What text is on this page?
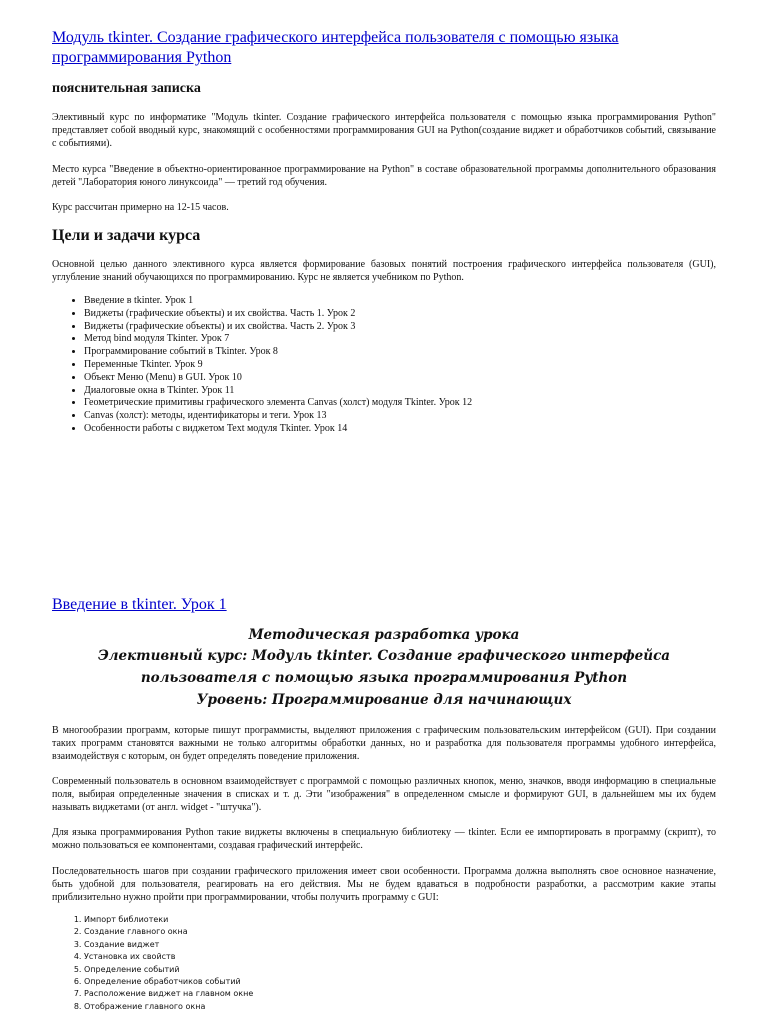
Модуль tkinter. Создание графического интерфейса пользователя с помощью языка программирования Python
пояснительная записка

Элективный курс по информатике "Модуль tkinter. Создание графического интерфейса пользователя с помощью языка программирования Python" представляет собой вводный курс, знакомящий с особенностями программирования GUI на Python(создание виджет и обработчиков событий, связывание с событиями).

Место курса "Введение в объектно-ориентированное программирование на Python" в составе образовательной программы дополнительного образования детей "Лаборатория юного линуксоида" — третий год обучения.

Курс рассчитан примерно на 12-15 часов.

Цели и задачи курса

Основной целью данного элективного курса является формирование базовых понятий построения графического интерфейса пользователя (GUI), углубление знаний обучающихся по программированию. Курс не является учебником по Python.

• Введение в tkinter. Урок 1
• Виджеты (графические объекты) и их свойства. Часть 1. Урок 2
• Виджеты (графические объекты) и их свойства. Часть 2. Урок 3
• Метод bind модуля Tkinter. Урок 7
• Программирование событий в Tkinter. Урок 8
• Переменные Tkinter. Урок 9
• Объект Меню (Menu) в GUI. Урок 10
• Диалоговые окна в Tkinter. Урок 11
• Геометрические примитивы графического элемента Canvas (холст) модуля Tkinter. Урок 12
• Canvas (холст): методы, идентификаторы и теги. Урок 13
• Особенности работы с виджетом Text модуля Tkinter. Урок 14
Введение в tkinter. Урок 1
Методическая разработка урока
Элективный курс: Модуль tkinter. Создание графического интерфейса
пользователя с помощью языка программирования Python
Уровень: Программирование для начинающих

В многообразии программ, которые пишут программисты, выделяют приложения с графическим пользовательским интерфейсом (GUI). При создании таких программ становятся важными не только алгоритмы обработки данных, но и разработка для пользователя программы удобного интерфейса, взаимодействуя с которым, он будет определять поведение приложения.

Современный пользователь в основном взаимодействует с программой с помощью различных кнопок, меню, значков, вводя информацию в специальные поля, выбирая определенные значения в списках и т. д. Эти "изображения" в определенном смысле и формируют GUI, в дальнейшем мы их будем называть виджетами (от англ. widget - "штучка").

Для языка программирования Python такие виджеты включены в специальную библиотеку — tkinter. Если ее импортировать в программу (скрипт), то можно пользоваться ее компонентами, создавая графический интерфейс.

Последовательность шагов при создании графического приложения имеет свои особенности. Программа должна выполнять свое основное назначение, быть удобной для пользователя, реагировать на его действия. Мы не будем вдаваться в подробности разработки, а рассмотрим какие этапы приблизительно нужно пройти при программировании, чтобы получить программу с GUI:

1. Импорт библиотеки
2. Создание главного окна
3. Создание виджет
4. Установка их свойств
5. Определение событий
6. Определение обработчиков событий
7. Расположение виджет на главном окне
8. Отображение главного окна
